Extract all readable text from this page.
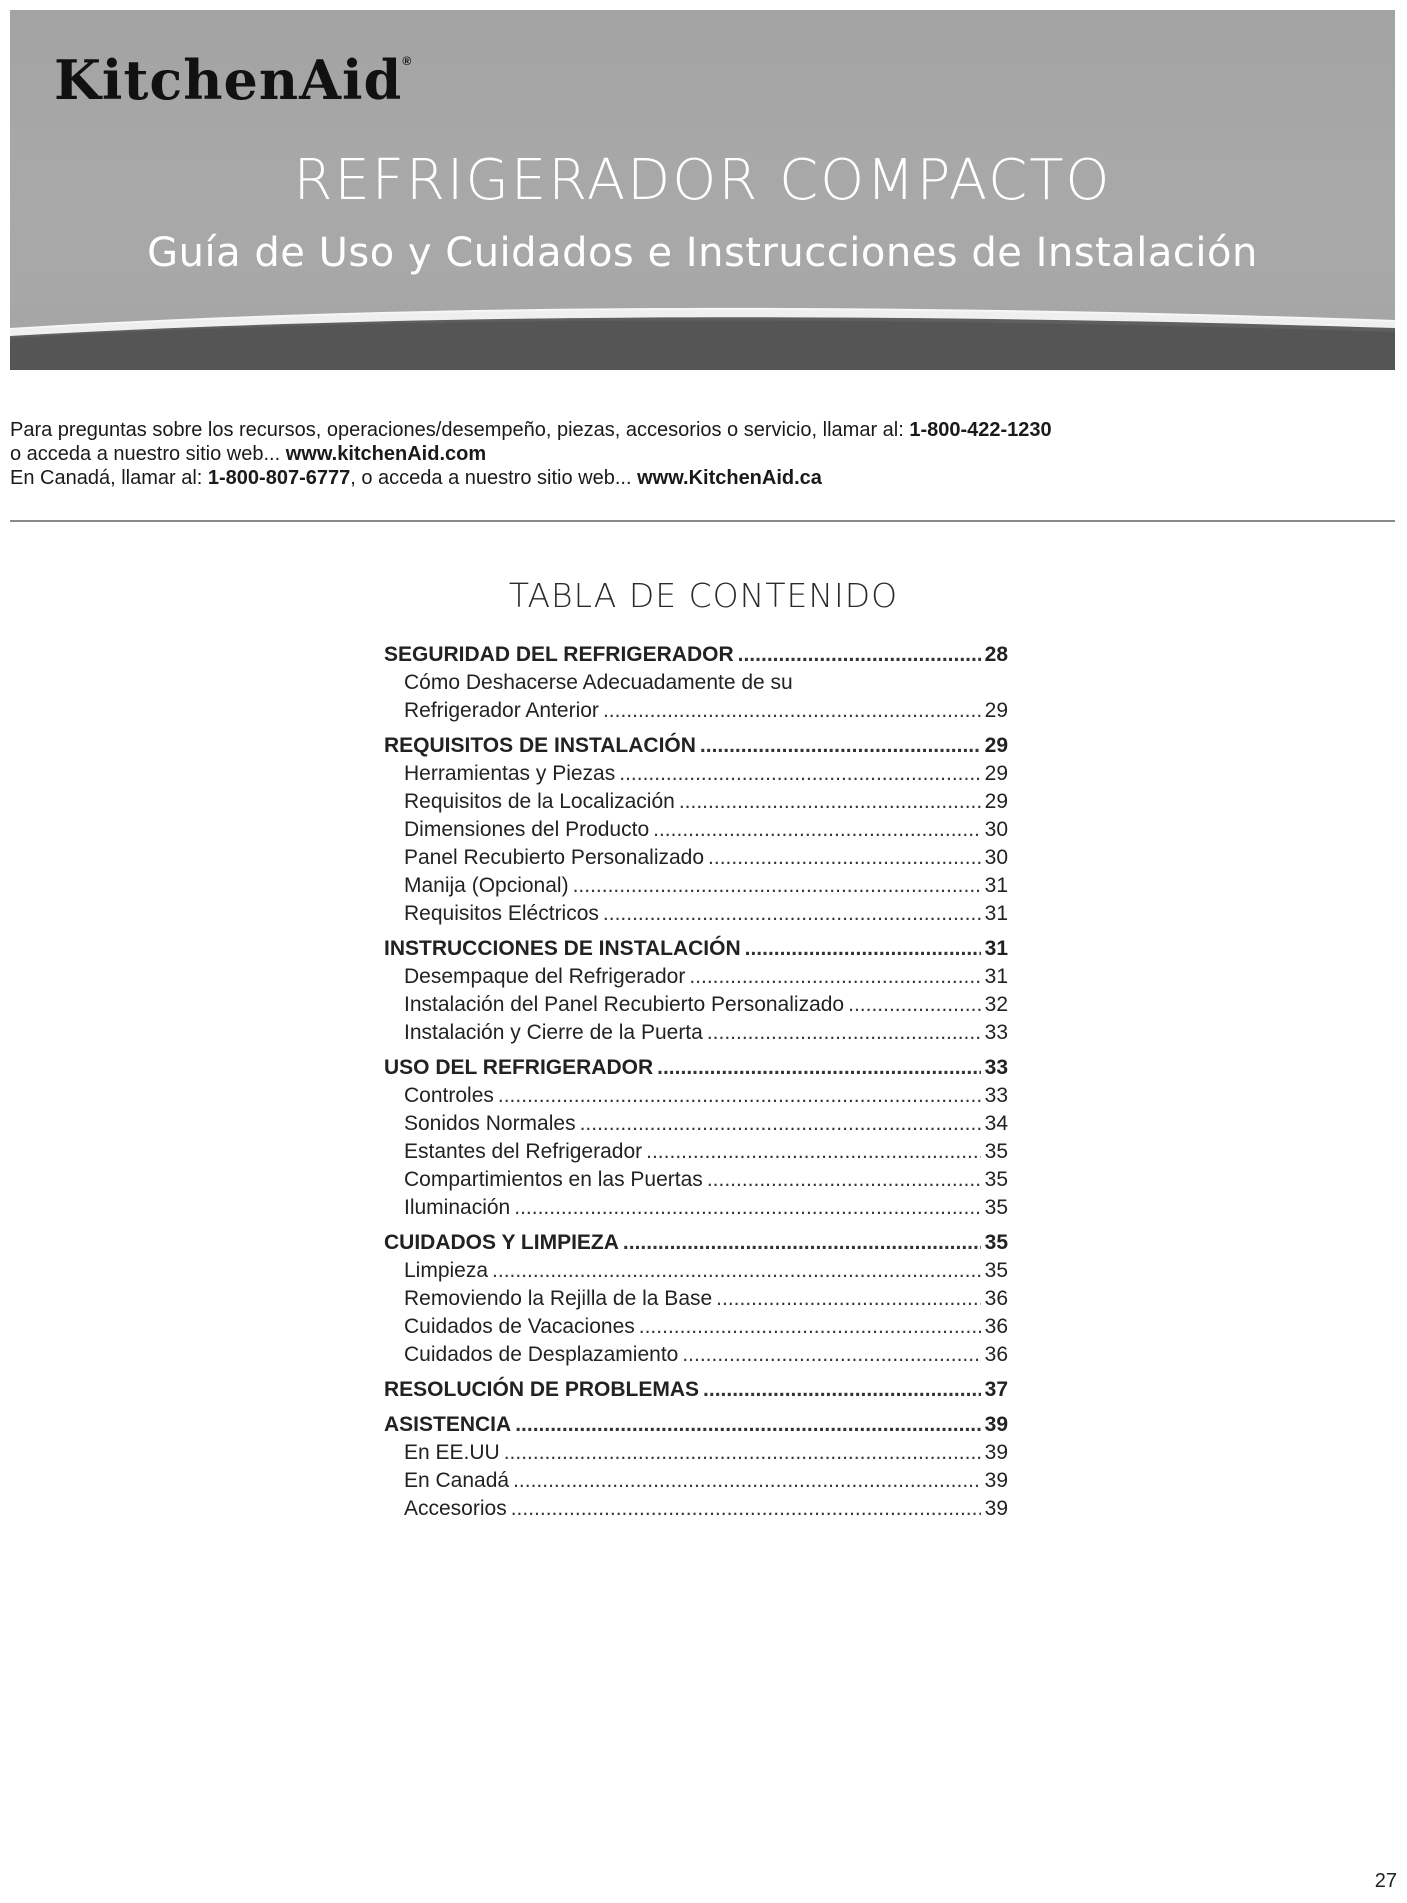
KitchenAid®
REFRIGERADOR COMPACTO
Guía de Uso y Cuidados e Instrucciones de Instalación
Para preguntas sobre los recursos, operaciones/desempeño, piezas, accesorios o servicio, llamar al: 1-800-422-1230
o acceda a nuestro sitio web... www.kitchenAid.com
En Canadá, llamar al: 1-800-807-6777, o acceda a nuestro sitio web... www.KitchenAid.ca
TABLA DE CONTENIDO
SEGURIDAD DEL REFRIGERADOR .....	28
Cómo Deshacerse Adecuadamente de su
Refrigerador Anterior .....	29
REQUISITOS DE INSTALACIÓN .....	29
Herramientas y Piezas .....	29
Requisitos de la Localización .....	29
Dimensiones del Producto .....	30
Panel Recubierto Personalizado .....	30
Manija (Opcional) .....	31
Requisitos Eléctricos .....	31
INSTRUCCIONES DE INSTALACIÓN .....	31
Desempaque del Refrigerador .....	31
Instalación del Panel Recubierto Personalizado .....	32
Instalación y Cierre de la Puerta .....	33
USO DEL REFRIGERADOR .....	33
Controles .....	33
Sonidos Normales .....	34
Estantes del Refrigerador .....	35
Compartimientos en las Puertas .....	35
Iluminación .....	35
CUIDADOS Y LIMPIEZA .....	35
Limpieza .....	35
Removiendo la Rejilla de la Base .....	36
Cuidados de Vacaciones .....	36
Cuidados de Desplazamiento .....	36
RESOLUCIÓN DE PROBLEMAS .....	37
ASISTENCIA .....	39
En EE.UU .....	39
En Canadá .....	39
Accesorios .....	39
27
